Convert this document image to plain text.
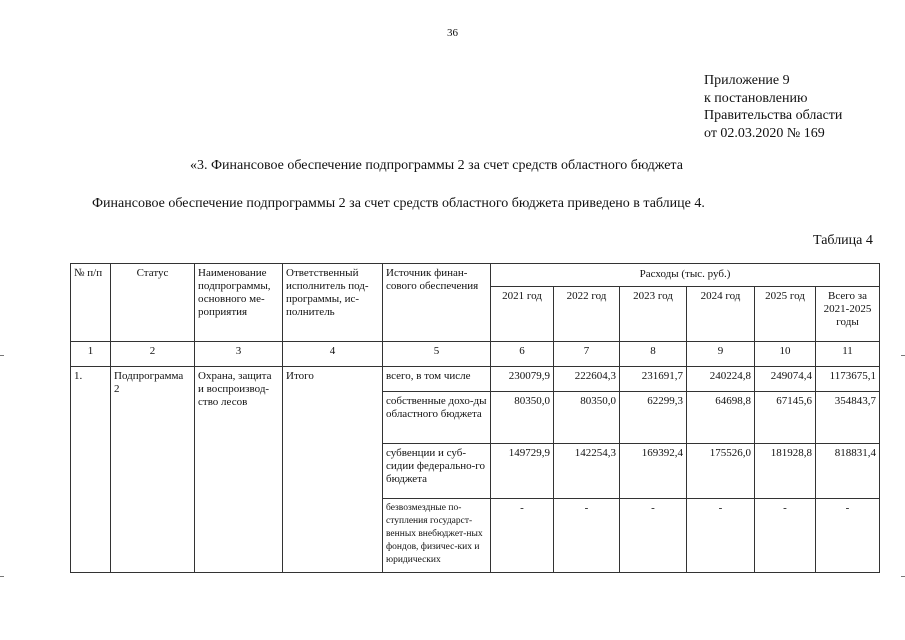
36
Приложение 9
к постановлению
Правительства области
от 02.03.2020 № 169
«3. Финансовое обеспечение подпрограммы 2 за счет средств областного бюджета
Финансовое обеспечение подпрограммы 2 за счет средств областного бюджета приведено в таблице 4.
Таблица 4
№ п/п	Статус	Наименование подпрограммы, основного ме-роприятия	Ответственный исполнитель под-программы, ис-полнитель	Источник финан-сового обеспечения	Расходы (тыс. руб.)					
					2021 год	2022 год	2023 год	2024 год	2025 год	Всего за 2021-2025 годы
1	2	3	4	5	6	7	8	9	10	11
1.	Подпрограмма 2	Охрана, защита и воспроизвод-ство лесов	Итого	всего, в том числе	230079,9	222604,3	231691,7	240224,8	249074,4	1173675,1
				собственные дохо-ды областного бюджета	80350,0	80350,0	62299,3	64698,8	67145,6	354843,7
				субвенции и суб-сидии федерально-го бюджета	149729,9	142254,3	169392,4	175526,0	181928,8	818831,4
				безвозмездные по-ступления государст-венных внебюджет-ных фондов, физичес-ких и юридических	-	-	-	-	-	-
